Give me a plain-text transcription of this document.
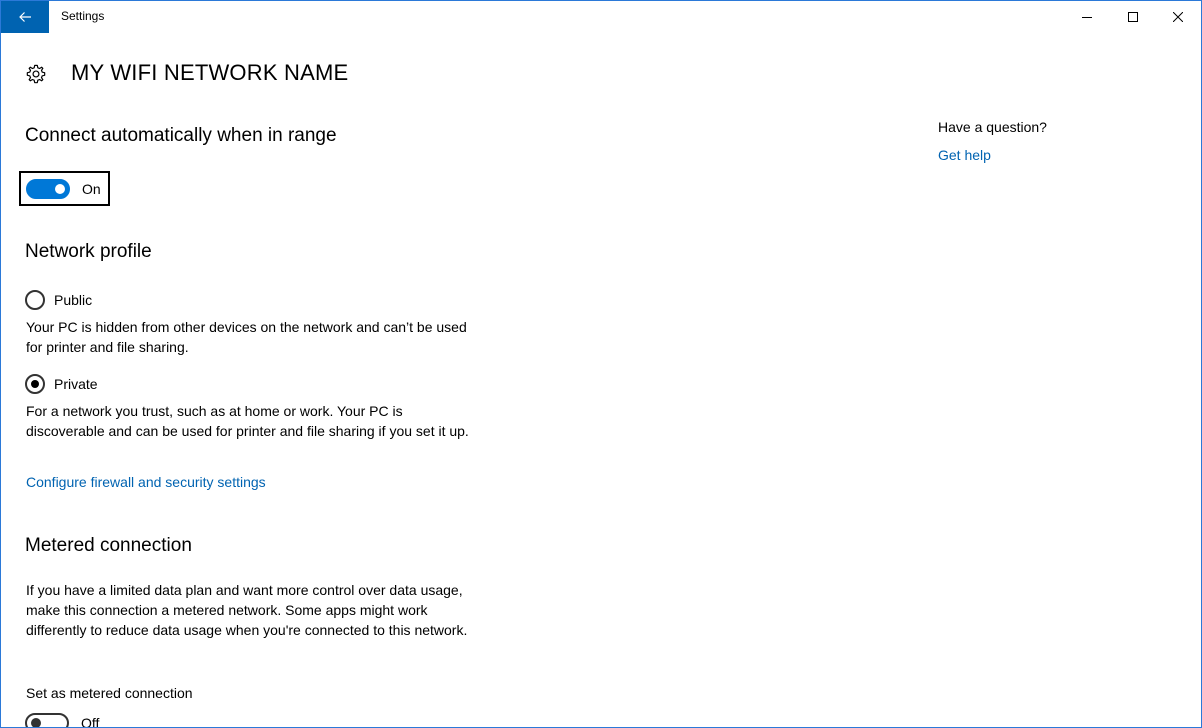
Settings
MY WIFI NETWORK NAME
Connect automatically when in range
On
Network profile
Public
Your PC is hidden from other devices on the network and can’t be used for printer and file sharing.
Private
For a network you trust, such as at home or work. Your PC is discoverable and can be used for printer and file sharing if you set it up.
Configure firewall and security settings
Metered connection
If you have a limited data plan and want more control over data usage, make this connection a metered network. Some apps might work differently to reduce data usage when you're connected to this network.
Set as metered connection
Off
Have a question?
Get help
